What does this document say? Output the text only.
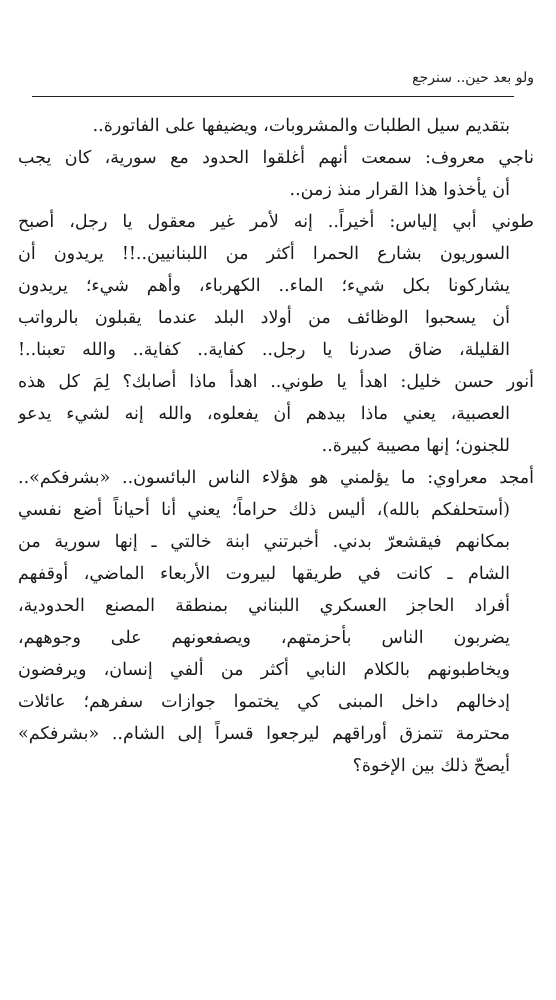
ولو بعد حين.. سنرجع
بتقديم سيل الطلبات والمشروبات، ويضيفها على الفاتورة..
ناجي معروف: سمعت أنهم أغلقوا الحدود مع سورية، كان يجب
أن يأخذوا هذا القرار منذ زمن..
طوني أبي إلياس: أخيراً.. إنه لأمر غير معقول يا رجل، أصبح
السوريون بشارع الحمرا أكثر من اللبنانيين..!! يريدون أن
يشاركونا بكل شيء؛ الماء.. الكهرباء، وأهم شيء؛ يريدون
أن يسحبوا الوظائف من أولاد البلد عندما يقبلون بالرواتب
القليلة، ضاق صدرنا يا رجل.. كفاية.. كفاية.. والله تعبنا..!
أنور حسن خليل: اهدأ يا طوني.. اهدأ ماذا أصابك؟ لِمَ كل هذه
العصبية، يعني ماذا بيدهم أن يفعلوه، والله إنه لشيء يدعو
للجنون؛ إنها مصيبة كبيرة..
أمجد معراوي: ما يؤلمني هو هؤلاء الناس البائسون.. «بشرفكم»..
(أستحلفكم بالله)، أليس ذلك حراماً؛ يعني أنا أحياناً أضع نفسي
بمكانهم فيقشعرّ بدني. أخبرتني ابنة خالتي ـ إنها سورية من
الشام ـ كانت في طريقها لبيروت الأربعاء الماضي، أوقفهم
أفراد الحاجز العسكري اللبناني بمنطقة المصنع الحدودية،
يضربون الناس بأحزمتهم، ويصفعونهم على وجوههم،
ويخاطبونهم بالكلام النابي أكثر من ألفي إنسان، ويرفضون
إدخالهم داخل المبنى كي يختموا جوازات سفرهم؛ عائلات
محترمة تتمزق أوراقهم ليرجعوا قسراً إلى الشام.. «بشرفكم»
أيصحّ ذلك بين الإخوة؟
